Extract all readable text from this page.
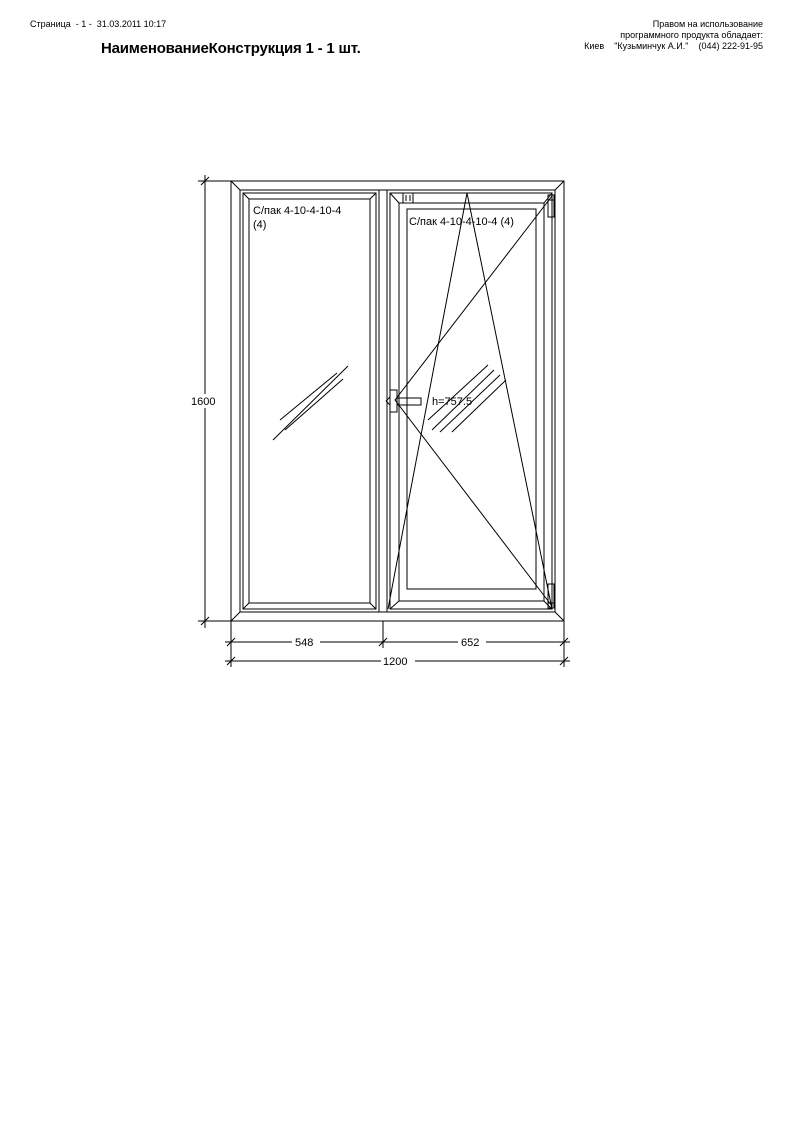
Страница  - 1 -  31.03.2011 10:17	Правом на использование
программного продукта обладает:
Киев    "Кузьминчук А.И."    (044) 222-91-95
НаименованиеКонструкция 1 - 1 шт.
1600
548	652
1200
С/пак 4-10-4-10-4
(4)	С/пак 4-10-4-10-4 (4)
h=757.5
